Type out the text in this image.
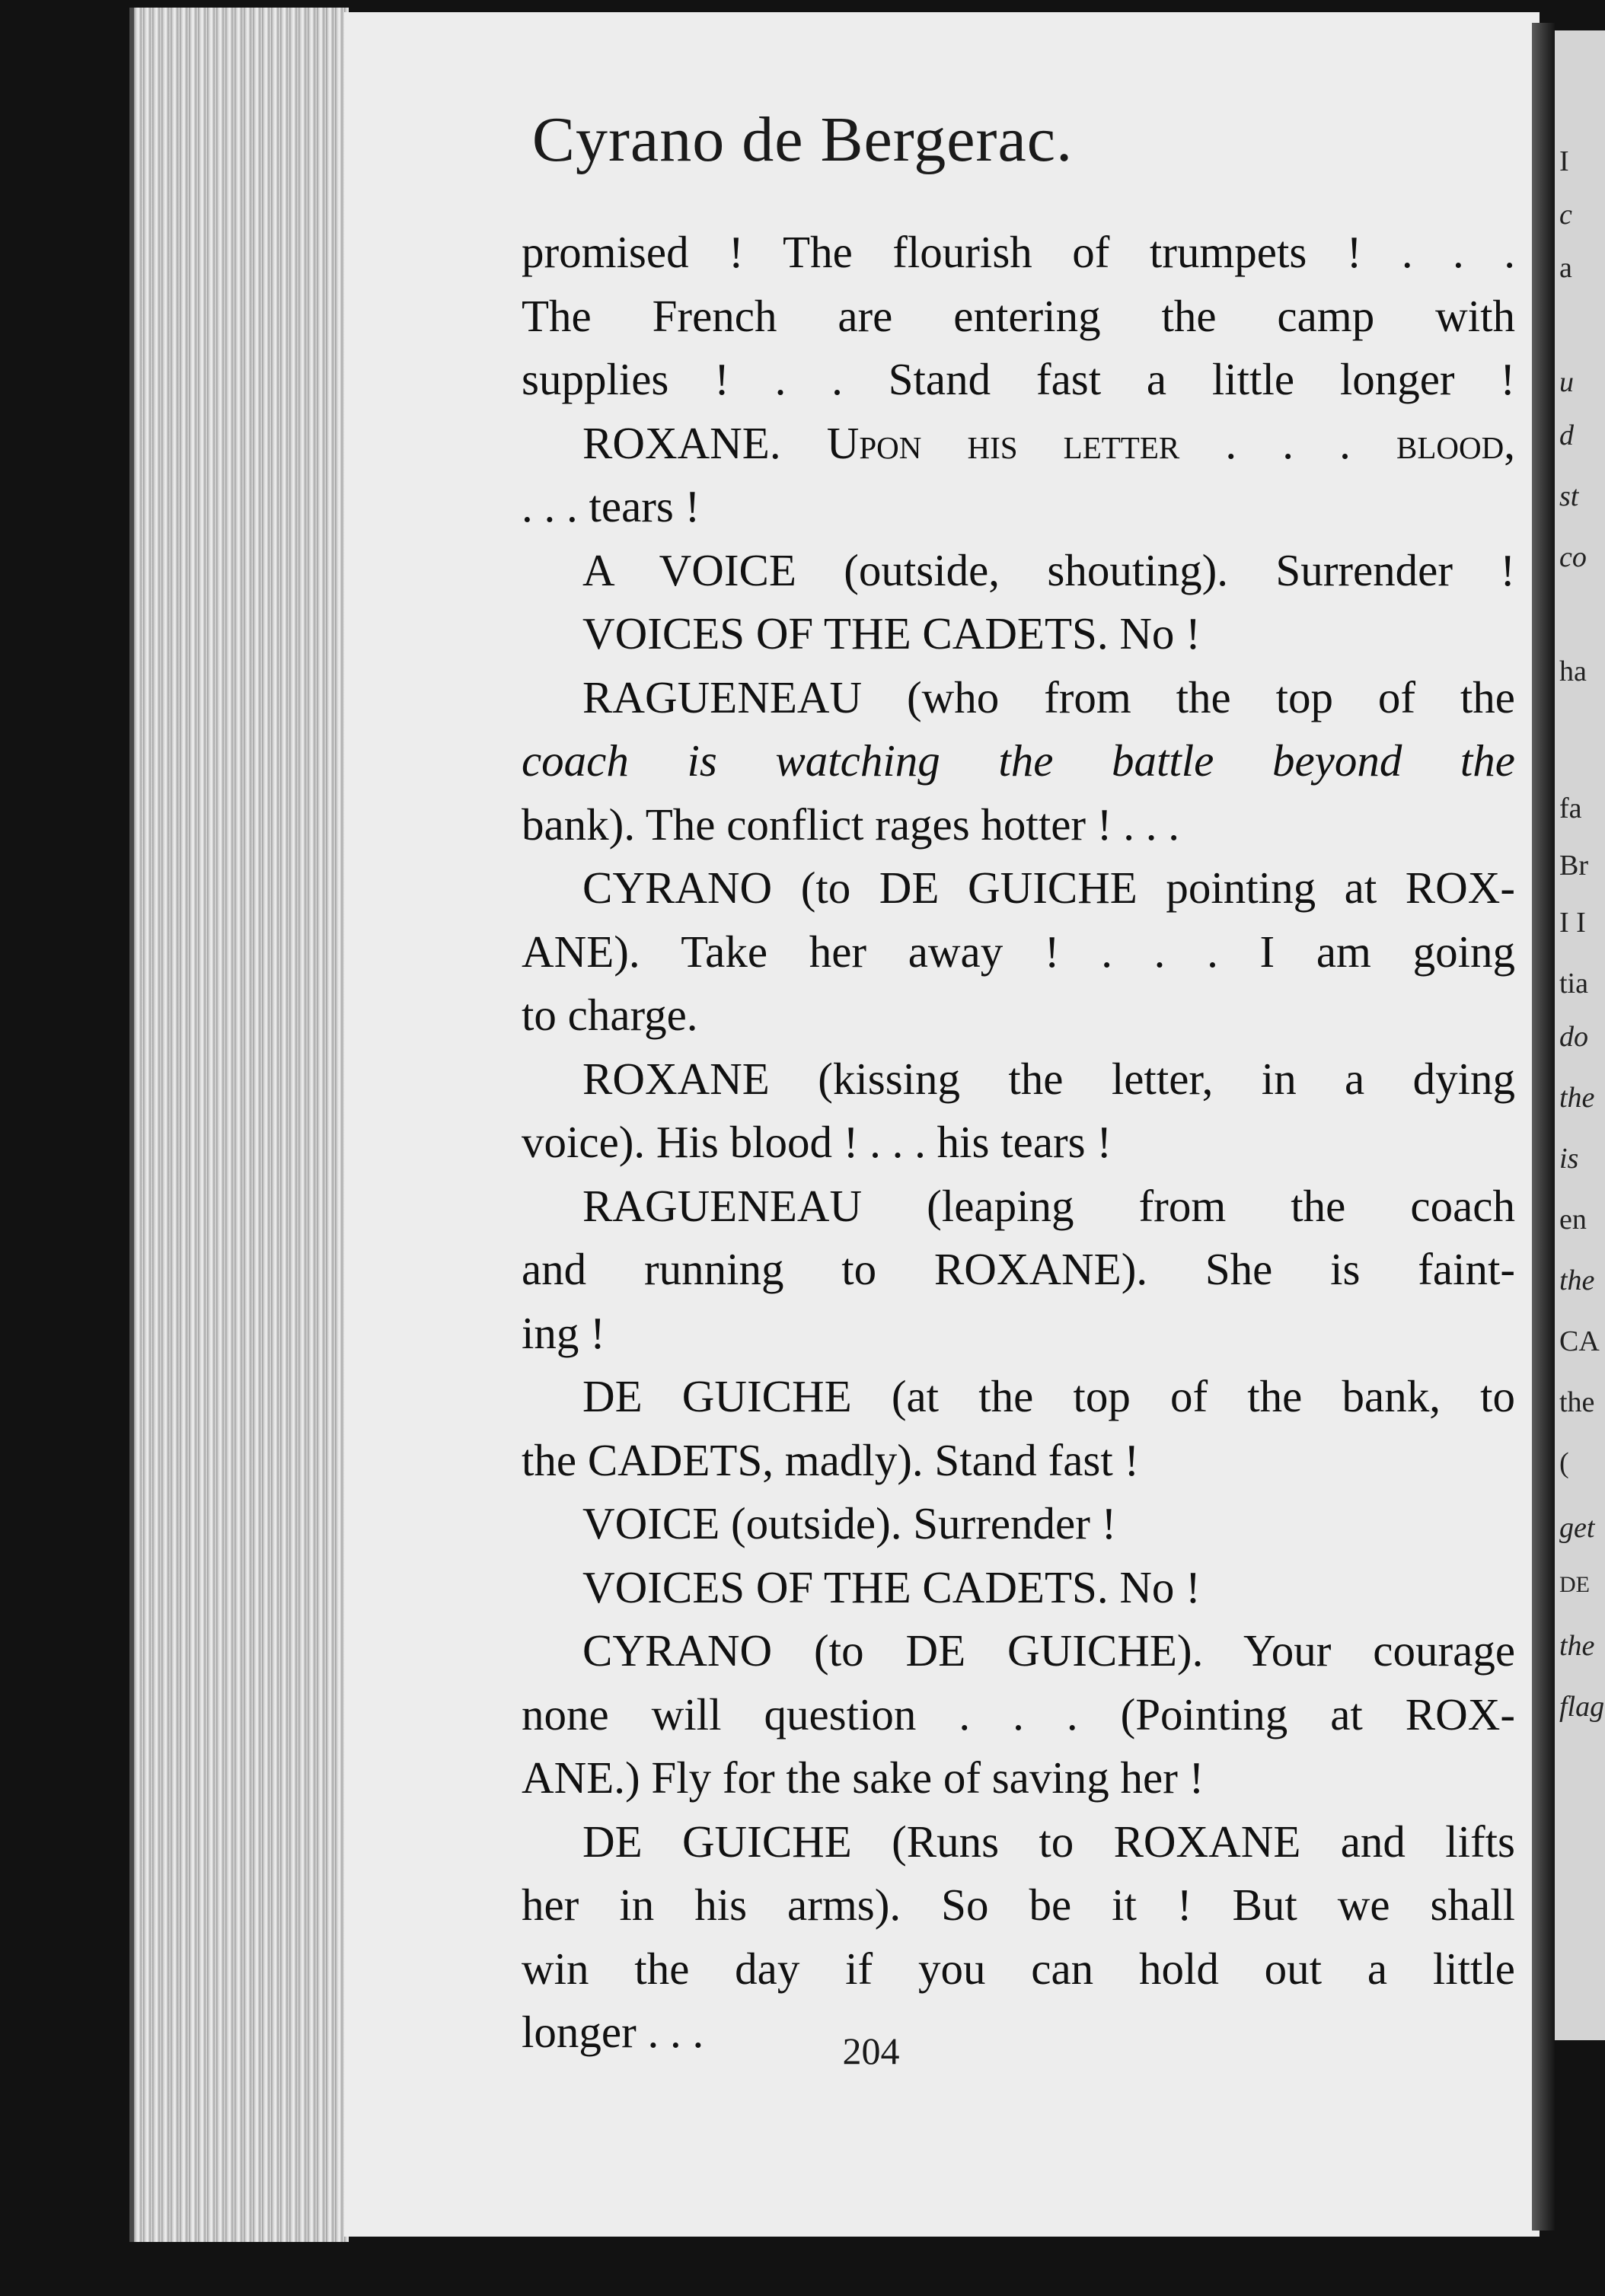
I
c
a
u
d
st
co
ha
fa
Br
I I
tia
do
the
is
en
the
CA
the
(
get
DE
the
flag
Cyrano de Bergerac.
promised ! The flourish of trumpets ! . . .
The French are entering the camp with
supplies ! . . Stand fast a little longer !
ROXANE. Upon his letter . . . blood,
. . . tears !
A VOICE (outside, shouting). Surrender !
VOICES OF THE CADETS. No !
RAGUENEAU (who from the top of the
coach is watching the battle beyond the
bank). The conflict rages hotter ! . . .
CYRANO (to DE GUICHE pointing at ROX-
ANE). Take her away ! . . . I am going
to charge.
ROXANE (kissing the letter, in a dying
voice). His blood ! . . . his tears !
RAGUENEAU (leaping from the coach
and running to ROXANE). She is faint-
ing !
DE GUICHE (at the top of the bank, to
the CADETS, madly). Stand fast !
VOICE (outside). Surrender !
VOICES OF THE CADETS. No !
CYRANO (to DE GUICHE). Your courage
none will question . . . (Pointing at ROX-
ANE.) Fly for the sake of saving her !
DE GUICHE (Runs to ROXANE and lifts
her in his arms). So be it ! But we shall
win the day if you can hold out a little
longer . . .	204
